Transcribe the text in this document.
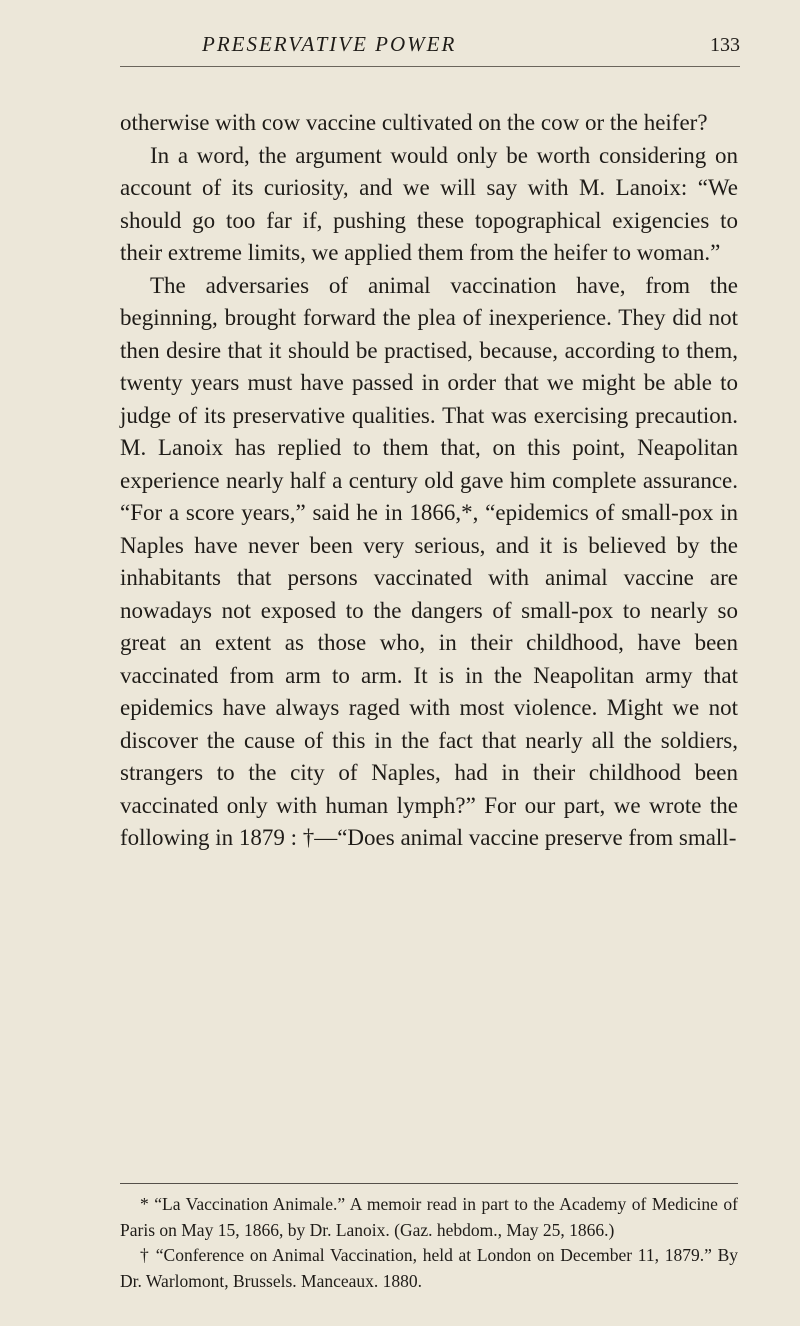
PRESERVATIVE POWER	133

otherwise with cow vaccine cultivated on the cow or the heifer?

In a word, the argument would only be worth considering on account of its curiosity, and we will say with M. Lanoix: “We should go too far if, pushing these topographical exigencies to their extreme limits, we applied them from the heifer to woman.”

The adversaries of animal vaccination have, from the beginning, brought forward the plea of inexperience. They did not then desire that it should be practised, because, according to them, twenty years must have passed in order that we might be able to judge of its preservative qualities. That was exercising precaution. M. Lanoix has replied to them that, on this point, Neapolitan experience nearly half a century old gave him complete assurance. “For a score years,” said he in 1866,*, “epidemics of small-pox in Naples have never been very serious, and it is believed by the inhabitants that persons vaccinated with animal vaccine are nowadays not exposed to the dangers of small-pox to nearly so great an extent as those who, in their childhood, have been vaccinated from arm to arm. It is in the Neapolitan army that epidemics have always raged with most violence. Might we not discover the cause of this in the fact that nearly all the soldiers, strangers to the city of Naples, had in their childhood been vaccinated only with human lymph?” For our part, we wrote the following in 1879 : †—“Does animal vaccine preserve from small-

* “La Vaccination Animale.” A memoir read in part to the Academy of Medicine of Paris on May 15, 1866, by Dr. Lanoix. (Gaz. hebdom., May 25, 1866.)

† “Conference on Animal Vaccination, held at London on December 11, 1879.” By Dr. Warlomont, Brussels. Manceaux. 1880.
